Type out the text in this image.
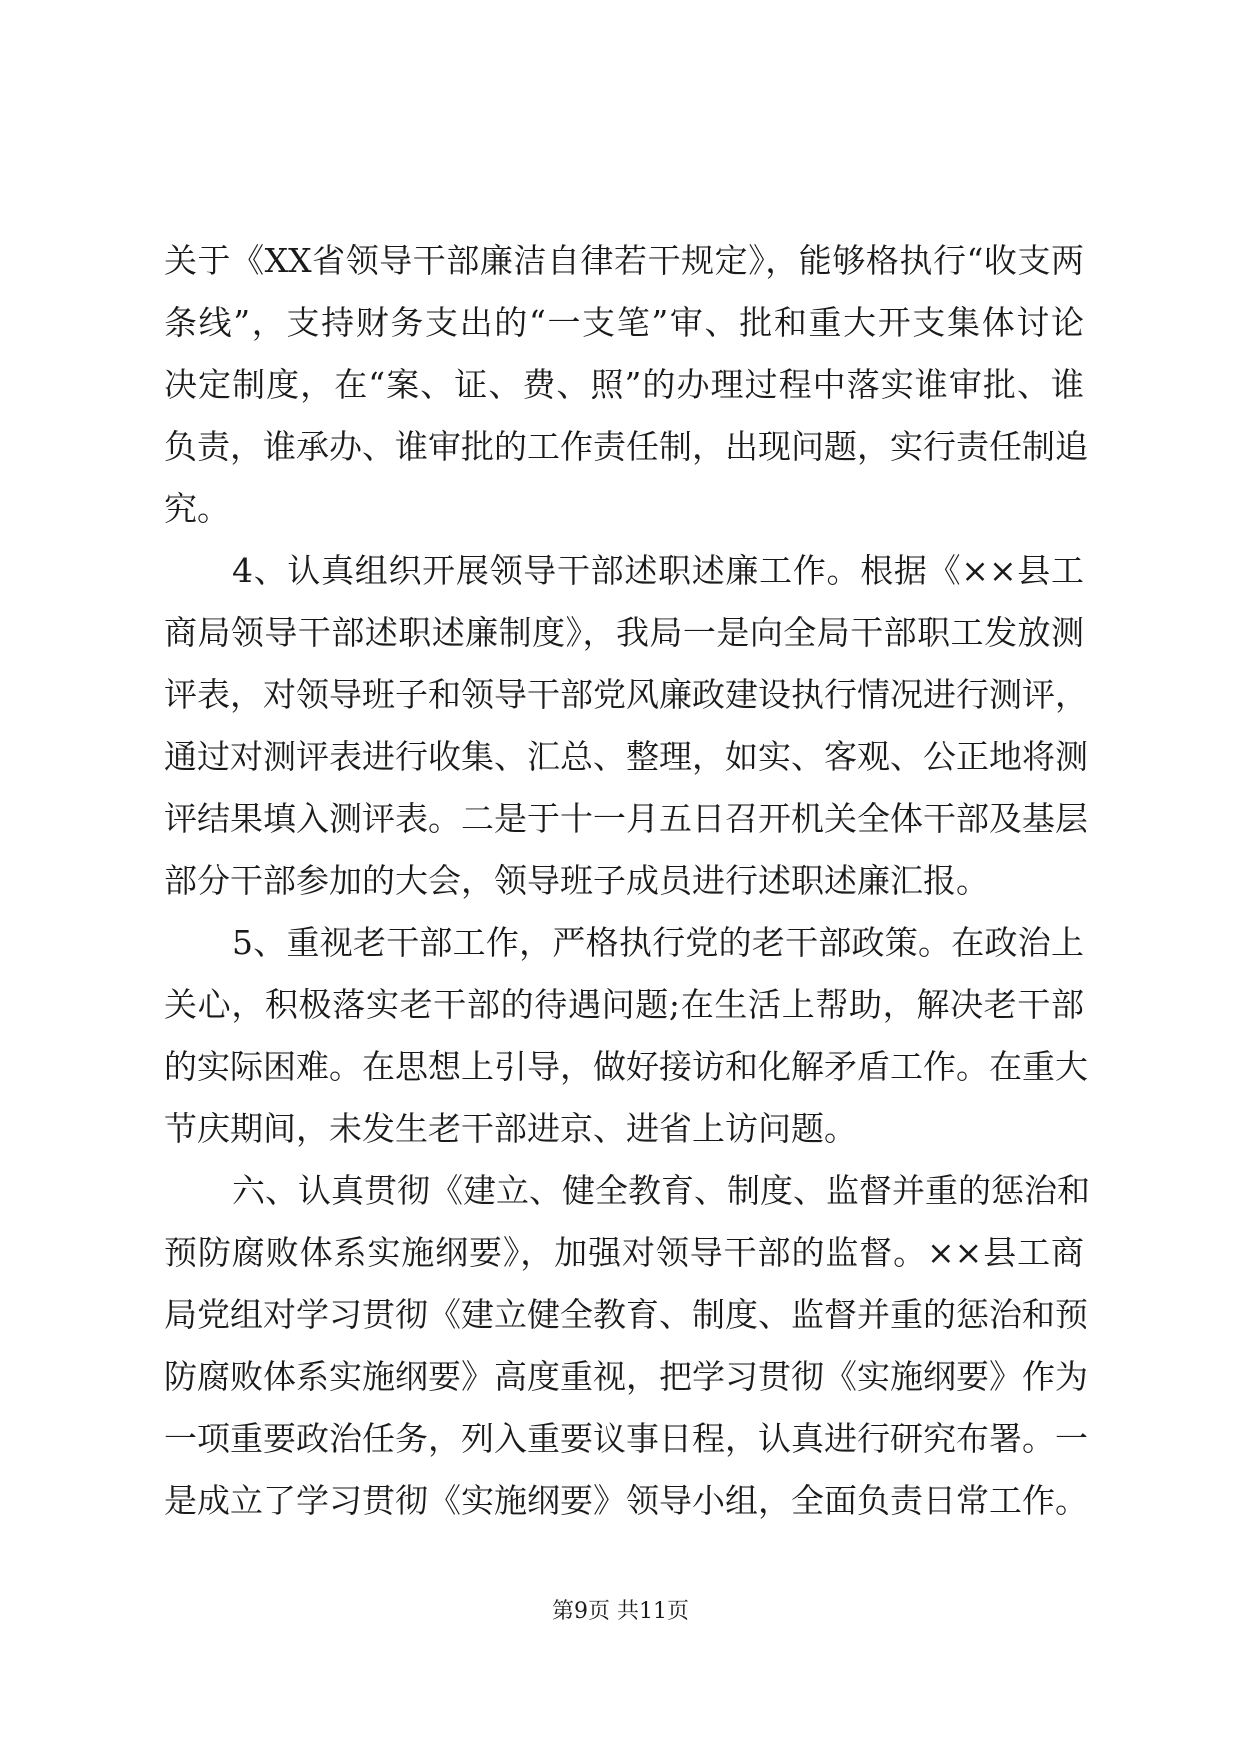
关于《XX省领导干部廉洁自律若干规定》，能够格执行“收支两
条线”，支持财务支出的“一支笔”审、批和重大开支集体讨论
决定制度，在“案、证、费、照”的办理过程中落实谁审批、谁
负责，谁承办、谁审批的工作责任制，出现问题，实行责任制追
究。
4、认真组织开展领导干部述职述廉工作。根据《××县工
商局领导干部述职述廉制度》，我局一是向全局干部职工发放测
评表，对领导班子和领导干部党风廉政建设执行情况进行测评，
通过对测评表进行收集、汇总、整理，如实、客观、公正地将测
评结果填入测评表。二是于十一月五日召开机关全体干部及基层
部分干部参加的大会，领导班子成员进行述职述廉汇报。
5、重视老干部工作，严格执行党的老干部政策。在政治上
关心，积极落实老干部的待遇问题;在生活上帮助，解决老干部
的实际困难。在思想上引导，做好接访和化解矛盾工作。在重大
节庆期间，未发生老干部进京、进省上访问题。
六、认真贯彻《建立、健全教育、制度、监督并重的惩治和
预防腐败体系实施纲要》，加强对领导干部的监督。××县工商
局党组对学习贯彻《建立健全教育、制度、监督并重的惩治和预
防腐败体系实施纲要》高度重视，把学习贯彻《实施纲要》作为
一项重要政治任务，列入重要议事日程，认真进行研究布署。一
是成立了学习贯彻《实施纲要》领导小组，全面负责日常工作。
第9页 共11页
